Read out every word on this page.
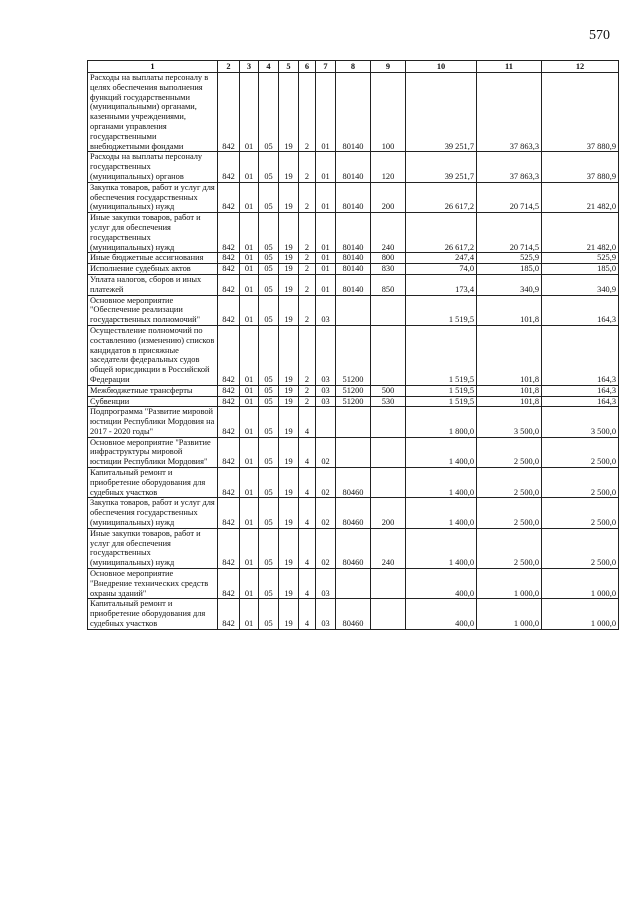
570
1	2	3	4	5	6	7	8	9	10	11	12
Расходы на выплаты персоналу в целях обеспечения выполнения функций государственными (муниципальными) органами, казенными учреждениями, органами управления государственными внебюджетными фондами	842	01	05	19	2	01	80140	100	39 251,7	37 863,3	37 880,9
Расходы на выплаты персоналу государственных (муниципальных) органов	842	01	05	19	2	01	80140	120	39 251,7	37 863,3	37 880,9
Закупка товаров, работ и услуг для обеспечения государственных (муниципальных) нужд	842	01	05	19	2	01	80140	200	26 617,2	20 714,5	21 482,0
Иные закупки товаров, работ и услуг для обеспечения государственных (муниципальных) нужд	842	01	05	19	2	01	80140	240	26 617,2	20 714,5	21 482,0
Иные бюджетные ассигнования	842	01	05	19	2	01	80140	800	247,4	525,9	525,9
Исполнение судебных актов	842	01	05	19	2	01	80140	830	74,0	185,0	185,0
Уплата налогов, сборов и иных платежей	842	01	05	19	2	01	80140	850	173,4	340,9	340,9
Основное мероприятие "Обеспечение реализации государственных полномочий"	842	01	05	19	2	03			1 519,5	101,8	164,3
Осуществление полномочий по составлению (изменению) списков кандидатов в присяжные заседатели федеральных судов общей юрисдикции в Российской Федерации	842	01	05	19	2	03	51200		1 519,5	101,8	164,3
Межбюджетные трансферты	842	01	05	19	2	03	51200	500	1 519,5	101,8	164,3
Субвенции	842	01	05	19	2	03	51200	530	1 519,5	101,8	164,3
Подпрограмма "Развитие мировой юстиции Республики Мордовия на 2017 - 2020 годы"	842	01	05	19	4				1 800,0	3 500,0	3 500,0
Основное мероприятие "Развитие инфраструктуры мировой юстиции Республики Мордовия"	842	01	05	19	4	02			1 400,0	2 500,0	2 500,0
Капитальный ремонт и приобретение оборудования для судебных участков	842	01	05	19	4	02	80460		1 400,0	2 500,0	2 500,0
Закупка товаров, работ и услуг для обеспечения государственных (муниципальных) нужд	842	01	05	19	4	02	80460	200	1 400,0	2 500,0	2 500,0
Иные закупки товаров, работ и услуг для обеспечения государственных (муниципальных) нужд	842	01	05	19	4	02	80460	240	1 400,0	2 500,0	2 500,0
Основное мероприятие "Внедрение технических средств охраны зданий"	842	01	05	19	4	03			400,0	1 000,0	1 000,0
Капитальный ремонт и приобретение оборудования для судебных участков	842	01	05	19	4	03	80460		400,0	1 000,0	1 000,0
